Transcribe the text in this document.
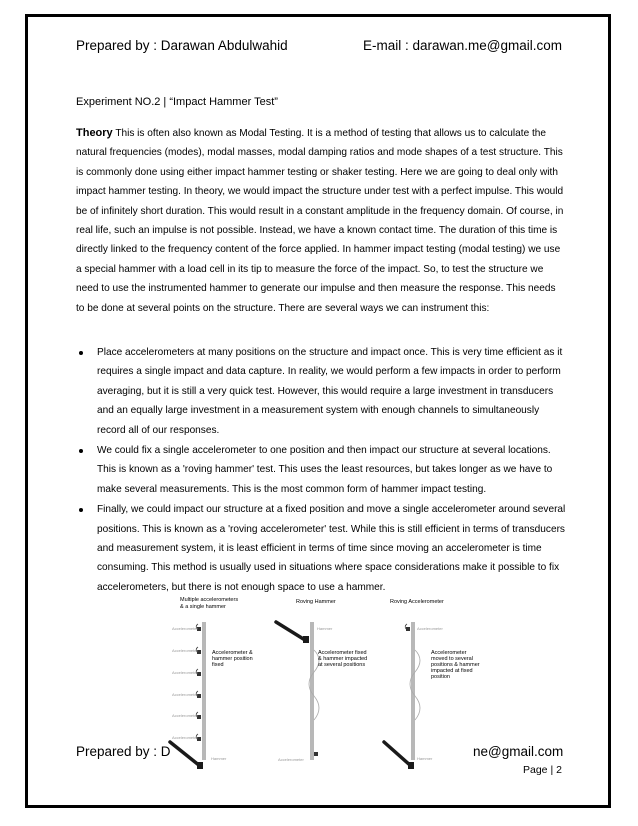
Prepared by : Darawan Abdulwahid	E-mail : darawan.me@gmail.com
Experiment NO.2 | “Impact Hammer Test”

Theory This is often also known as Modal Testing. It is a method of testing that allows us to calculate the natural frequencies (modes), modal masses, modal damping ratios and mode shapes of a test structure. This is commonly done using either impact hammer testing or shaker testing. Here we are going to deal only with impact hammer testing. In theory, we would impact the structure under test with a perfect impulse. This would be of infinitely short duration. This would result in a constant amplitude in the frequency domain. Of course, in real life, such an impulse is not possible. Instead, we have a known contact time. The duration of this time is directly linked to the frequency content of the force applied. In hammer impact testing (modal testing) we use a special hammer with a load cell in its tip to measure the force of the impact. So, to test the structure we need to use the instrumented hammer to generate our impulse and then measure the response. This needs to be done at several points on the structure. There are several ways we can instrument this:

Place accelerometers at many positions on the structure and impact once. This is very time efficient as it requires a single impact and data capture. In reality, we would perform a few impacts in order to perform averaging, but it is still a very quick test. However, this would require a large investment in transducers and an equally large investment in a measurement system with enough channels to simultaneously record all of our responses.
We could fix a single accelerometer to one position and then impact our structure at several locations. This is known as a 'roving hammer' test. This uses the least resources, but takes longer as we have to make several measurements. This is the most common form of hammer impact testing.
Finally, we could impact our structure at a fixed position and move a single accelerometer around several positions. This is known as a 'roving accelerometer' test. While this is still efficient in terms of transducers and measurement system, it is least efficient in terms of time since moving an accelerometer is time consuming. This method is usually used in situations where space considerations make it possible to fix accelerometers, but there is not enough space to use a hammer.
Multiple accelerometers
& a single hammer
Accelerometer
Accelerometer
Accelerometer
Accelerometer
Accelerometer
Accelerometer
Hammer
Accelerometer &
hammer position
fixed
Roving Hammer
Hammer
Accelerometer
Accelerometer fixed
& hammer impacted
at several positions
Roving Accelerometer
Accelerometer
Hammer
Accelerometer
moved to several
positions & hammer
impacted at fixed
position
Prepared by : D	ne@gmail.com
Page | 2
